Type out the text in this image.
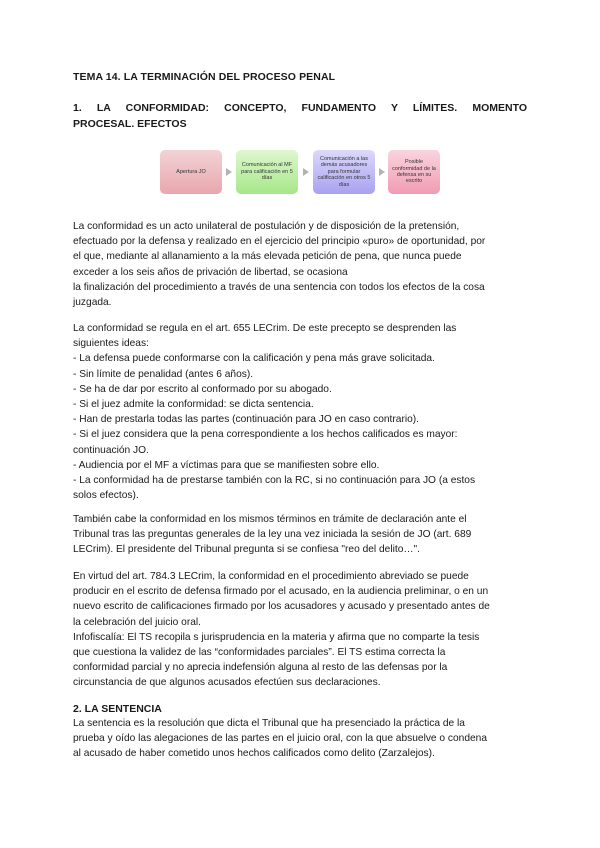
TEMA 14. LA TERMINACIÓN DEL PROCESO PENAL
1. LA CONFORMIDAD: CONCEPTO, FUNDAMENTO Y LÍMITES. MOMENTO
PROCESAL. EFECTOS
Apertura JO
Comunicación al MF para calificación en 5 días
Comunicación a las demás acusadores para formular calificación en otros 5 días
Posible conformidad de la defensa en su escrito

La conformidad es un acto unilateral de postulación y de disposición de la pretensión,
efectuado por la defensa y realizado en el ejercicio del principio «puro» de oportunidad, por
el que, mediante al allanamiento a la más elevada petición de pena, que nunca puede
exceder a los seis años de privación de libertad, se ocasiona
la finalización del procedimiento a través de una sentencia con todos los efectos de la cosa
juzgada.

La conformidad se regula en el art. 655 LECrim. De este precepto se desprenden las
siguientes ideas:
- La defensa puede conformarse con la calificación y pena más grave solicitada.
- Sin límite de penalidad (antes 6 años).
- Se ha de dar por escrito al conformado por su abogado.
- Si el juez admite la conformidad: se dicta sentencia.
- Han de prestarla todas las partes (continuación para JO en caso contrario).
- Si el juez considera que la pena correspondiente a los hechos calificados es mayor:
continuación JO.
- Audiencia por el MF a víctimas para que se manifiesten sobre ello.
- La conformidad ha de prestarse también con la RC, si no continuación para JO (a estos
solos efectos).

También cabe la conformidad en los mismos términos en trámite de declaración ante el
Tribunal tras las preguntas generales de la ley una vez iniciada la sesión de JO (art. 689
LECrim). El presidente del Tribunal pregunta si se confiesa "reo del delito…".

En virtud del art. 784.3 LECrim, la conformidad en el procedimiento abreviado se puede
producir en el escrito de defensa firmado por el acusado, en la audiencia preliminar, o en un
nuevo escrito de calificaciones firmado por los acusadores y acusado y presentado antes de
la celebración del juicio oral.
Infofiscalía: El TS recopila s jurisprudencia en la materia y afirma que no comparte la tesis
que cuestiona la validez de las “conformidades parciales”. El TS estima correcta la
conformidad parcial y no aprecia indefensión alguna al resto de las defensas por la
circunstancia de que algunos acusados efectúen sus declaraciones.

2. LA SENTENCIA

La sentencia es la resolución que dicta el Tribunal que ha presenciado la práctica de la
prueba y oído las alegaciones de las partes en el juicio oral, con la que absuelve o condena
al acusado de haber cometido unos hechos calificados como delito (Zarzalejos).
